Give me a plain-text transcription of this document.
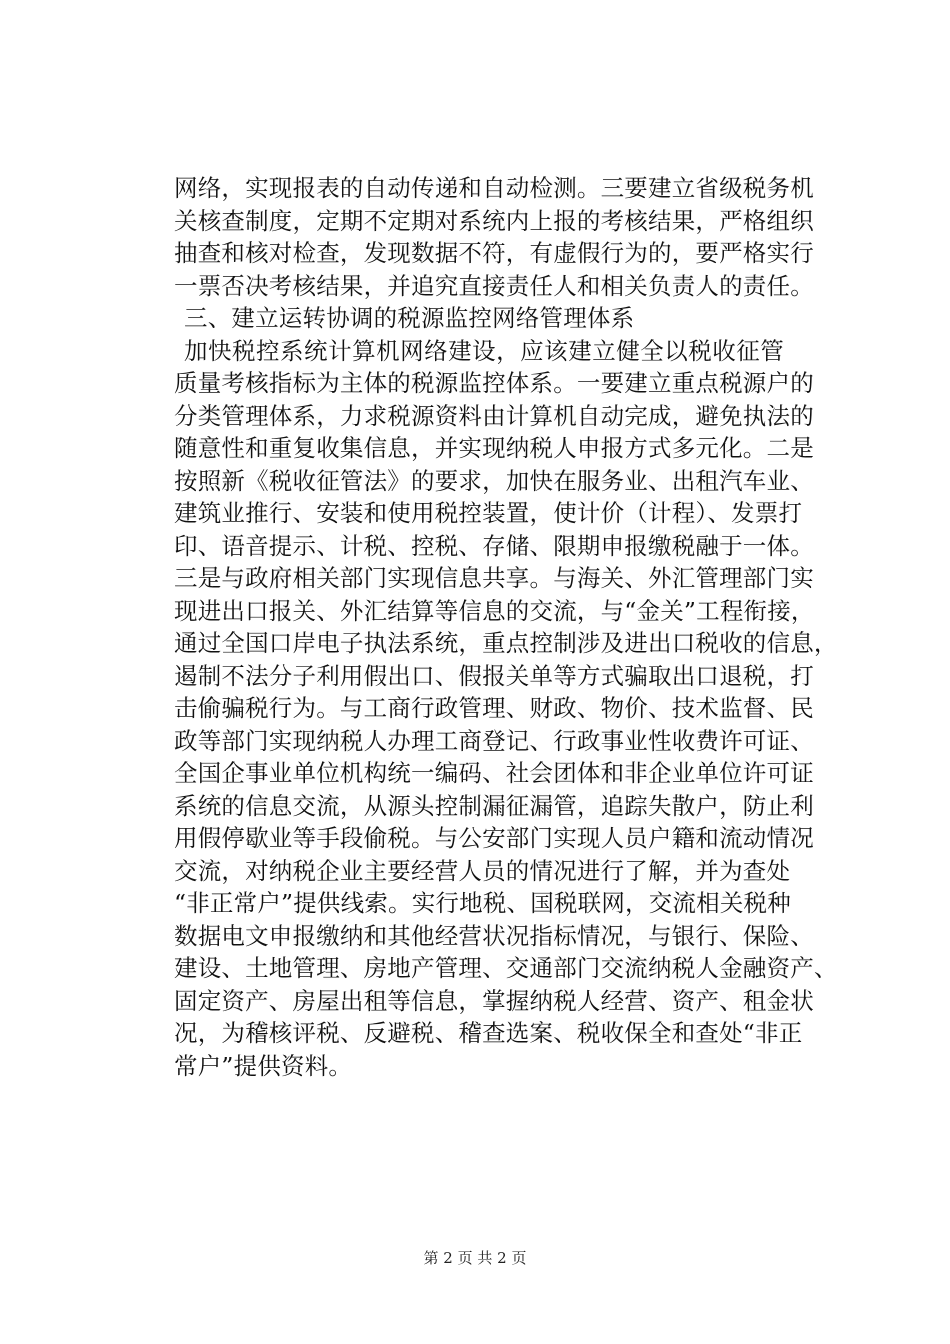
网络，实现报表的自动传递和自动检测。三要建立省级税务机
关核查制度，定期不定期对系统内上报的考核结果，严格组织
抽查和核对检查，发现数据不符，有虚假行为的，要严格实行
一票否决考核结果，并追究直接责任人和相关负责人的责任。
三、建立运转协调的税源监控网络管理体系
加快税控系统计算机网络建设，应该建立健全以税收征管
质量考核指标为主体的税源监控体系。一要建立重点税源户的
分类管理体系，力求税源资料由计算机自动完成，避免执法的
随意性和重复收集信息，并实现纳税人申报方式多元化。二是
按照新《税收征管法》的要求，加快在服务业、出租汽车业、
建筑业推行、安装和使用税控装置，使计价（计程）、发票打
印、语音提示、计税、控税、存储、限期申报缴税融于一体。
三是与政府相关部门实现信息共享。与海关、外汇管理部门实
现进出口报关、外汇结算等信息的交流，与“金关”工程衔接，
通过全国口岸电子执法系统，重点控制涉及进出口税收的信息，
遏制不法分子利用假出口、假报关单等方式骗取出口退税，打
击偷骗税行为。与工商行政管理、财政、物价、技术监督、民
政等部门实现纳税人办理工商登记、行政事业性收费许可证、
全国企事业单位机构统一编码、社会团体和非企业单位许可证
系统的信息交流，从源头控制漏征漏管，追踪失散户，防止利
用假停歇业等手段偷税。与公安部门实现人员户籍和流动情况
交流，对纳税企业主要经营人员的情况进行了解，并为查处
“非正常户”提供线索。实行地税、国税联网，交流相关税种
数据电文申报缴纳和其他经营状况指标情况，与银行、保险、
建设、土地管理、房地产管理、交通部门交流纳税人金融资产、
固定资产、房屋出租等信息，掌握纳税人经营、资产、租金状
况，为稽核评税、反避税、稽查选案、税收保全和查处“非正
常户”提供资料。
第 2 页 共 2 页
